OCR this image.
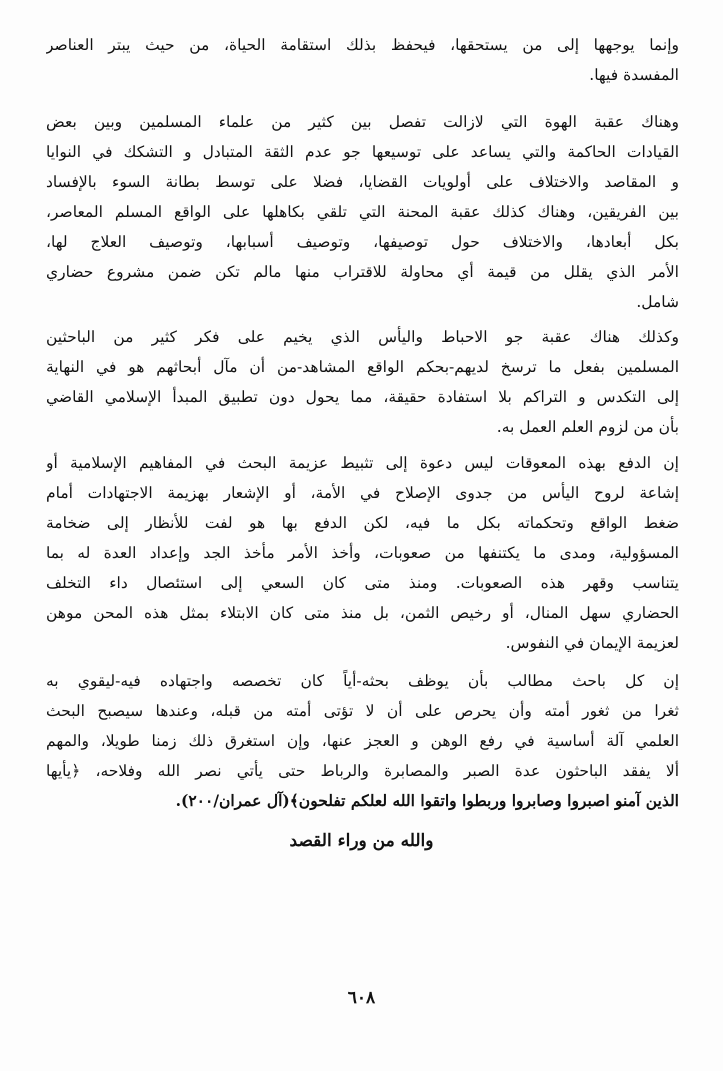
وإنما يوجهها إلى من يستحقها، فيحفظ بذلك استقامة الحياة، من حيث يبتر العناصر
المفسدة فيها.
وهناك عقبة الهوة التي لازالت تفصل بين كثير من علماء المسلمين وبين بعض
القيادات الحاكمة والتي يساعد على توسيعها جو عدم الثقة المتبادل و التشكك في النوايا
و المقاصد والاختلاف على أولويات القضايا، فضلا على توسط بطانة السوء بالإفساد
بين الفريقين، وهناك كذلك عقبة المحنة التي تلقي بكاهلها على الواقع المسلم المعاصر،
بكل أبعادها، والاختلاف حول توصيفها، وتوصيف أسبابها، وتوصيف العلاج لها،
الأمر الذي يقلل من قيمة أي محاولة للاقتراب منها مالم تكن ضمن مشروع حضاري
شامل.
وكذلك هناك عقبة جو الاحباط واليأس الذي يخيم على فكر كثير من الباحثين
المسلمين بفعل ما ترسخ لديهم-بحكم الواقع المشاهد-من أن مآل أبحاثهم هو في النهاية
إلى التكدس و التراكم بلا استفادة حقيقة، مما يحول دون تطبيق المبدأ الإسلامي القاضي
بأن من لزوم العلم العمل به.
إن الدفع بهذه المعوقات ليس دعوة إلى تثبيط عزيمة البحث في المفاهيم الإسلامية أو
إشاعة لروح اليأس من جدوى الإصلاح في الأمة، أو الإشعار بهزيمة الاجتهادات أمام
ضغط الواقع وتحكماته بكل ما فيه، لكن الدفع بها هو لفت للأنظار إلى ضخامة
المسؤولية، ومدى ما يكتنفها من صعوبات، وأخذ الأمر مأخذ الجد وإعداد العدة له بما
يتناسب وقهر هذه الصعوبات. ومنذ متى كان السعي إلى استئصال داء التخلف
الحضاري سهل المنال، أو رخيص الثمن، بل منذ متى كان الابتلاء بمثل هذه المحن موهن
لعزيمة الإيمان في النفوس.
إن كل باحث مطالب بأن يوظف بحثه-أياً كان تخصصه واجتهاده فيه-ليقوي به
ثغرا من ثغور أمته وأن يحرص على أن لا تؤتى أمته من قبله، وعندها سيصبح البحث
العلمي آلة أساسية في رفع الوهن و العجز عنها، وإن استغرق ذلك زمنا طويلا، والمهم
ألا يفقد الباحثون عدة الصبر والمصابرة والرباط حتى يأتي نصر الله وفلاحه، ﴿يأيها
الذين آمنو اصبروا وصابروا وربطوا واتقوا الله لعلكم تفلحون﴾(آل عمران/٢٠٠).
والله من وراء القصد
٦٠٨
